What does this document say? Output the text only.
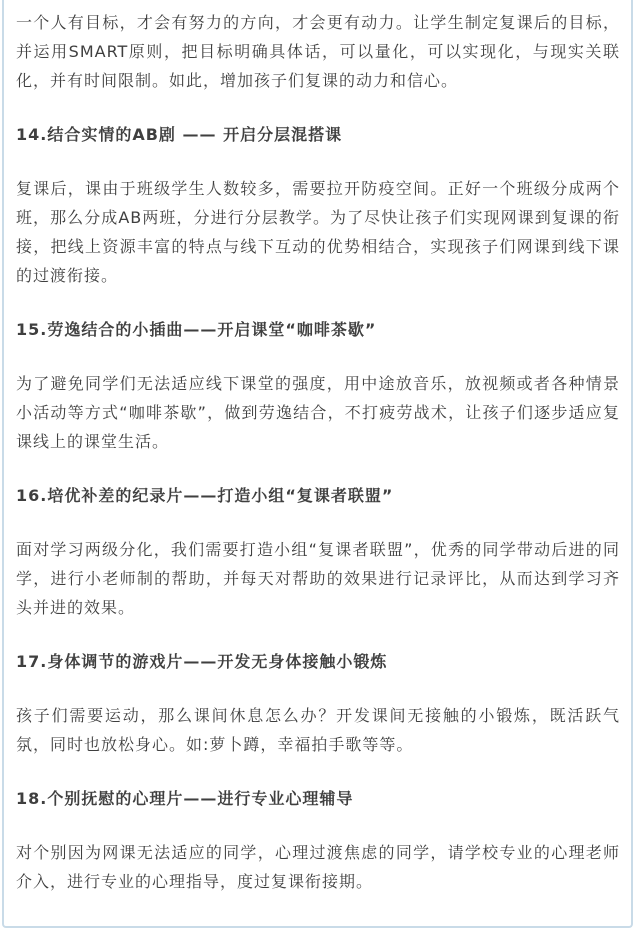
一个人有目标，才会有努力的方向，才会更有动力。让学生制定复课后的目标，并运用SMART原则，把目标明确具体话，可以量化，可以实现化，与现实关联化，并有时间限制。如此，增加孩子们复课的动力和信心。

14.结合实情的AB剧 —— 开启分层混搭课

复课后，课由于班级学生人数较多，需要拉开防疫空间。正好一个班级分成两个班，那么分成AB两班，分进行分层教学。为了尽快让孩子们实现网课到复课的衔接，把线上资源丰富的特点与线下互动的优势相结合，实现孩子们网课到线下课的过渡衔接。

15.劳逸结合的小插曲——开启课堂“咖啡茶歇”

为了避免同学们无法适应线下课堂的强度，用中途放音乐，放视频或者各种情景小活动等方式“咖啡茶歇”，做到劳逸结合，不打疲劳战术，让孩子们逐步适应复课线上的课堂生活。

16.培优补差的纪录片——打造小组“复课者联盟”

面对学习两级分化，我们需要打造小组“复课者联盟”，优秀的同学带动后进的同学，进行小老师制的帮助，并每天对帮助的效果进行记录评比，从而达到学习齐头并进的效果。

17.身体调节的游戏片——开发无身体接触小锻炼

孩子们需要运动，那么课间休息怎么办？开发课间无接触的小锻炼，既活跃气氛，同时也放松身心。如:萝卜蹲，幸福拍手歌等等。

18.个别抚慰的心理片——进行专业心理辅导

对个别因为网课无法适应的同学，心理过渡焦虑的同学，请学校专业的心理老师介入，进行专业的心理指导，度过复课衔接期。
